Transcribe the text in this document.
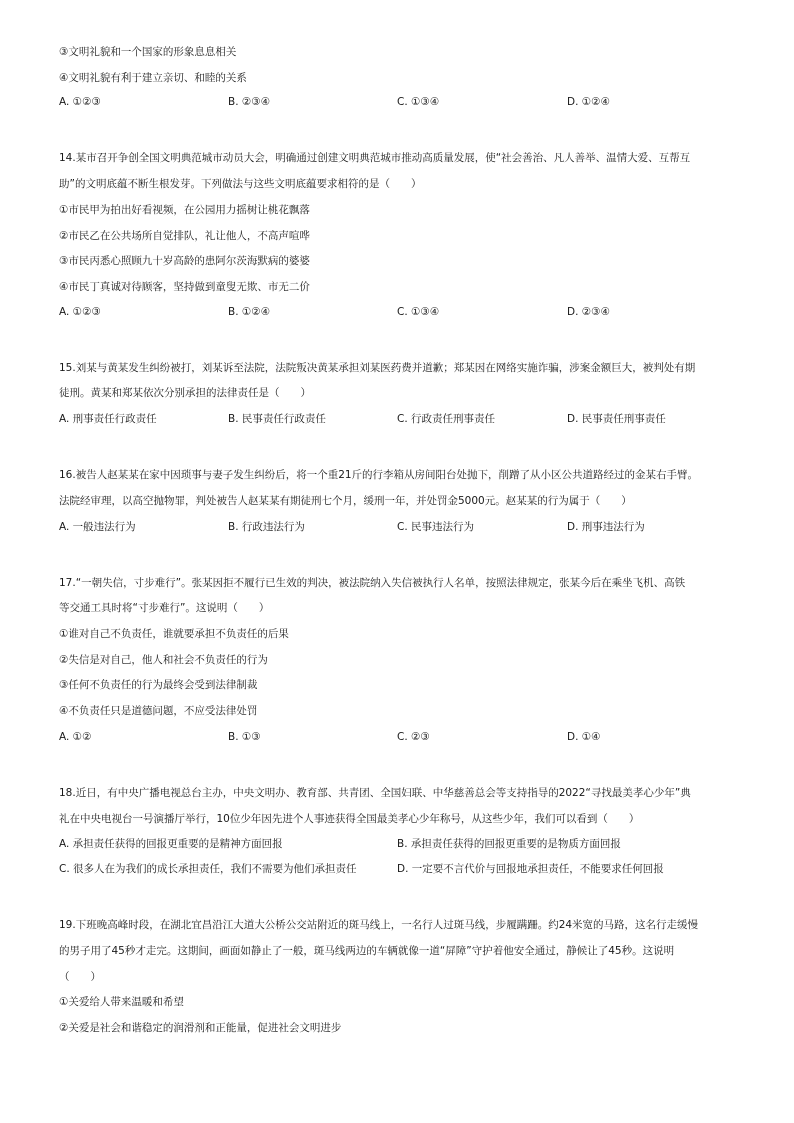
③文明礼貌和一个国家的形象息息相关
④文明礼貌有利于建立亲切、和睦的关系
A. ①②③	B. ②③④	C. ①③④	D. ①②④
14.某市召开争创全国文明典范城市动员大会，明确通过创建文明典范城市推动高质量发展，使“社会善治、凡人善举、温情大爱、互帮互
助”的文明底蕴不断生根发芽。下列做法与这些文明底蕴要求相符的是（　　）
①市民甲为拍出好看视频，在公园用力摇树让桃花飘落
②市民乙在公共场所自觉排队，礼让他人，不高声喧哗
③市民丙悉心照顾九十岁高龄的患阿尔茨海默病的婆婆
④市民丁真诚对待顾客，坚持做到童叟无欺、市无二价
A. ①②③	B. ①②④	C. ①③④	D. ②③④
15.刘某与黄某发生纠纷被打，刘某诉至法院，法院叛决黄某承担刘某医药费并道歉；郑某因在网络实施诈骗，涉案金额巨大，被判处有期
徒刑。黄某和郑某依次分别承担的法律责任是（　　）
A. 刑事责任行政责任	B. 民事责任行政责任	C. 行政责任刑事责任	D. 民事责任刑事责任
16.被告人赵某某在家中因琐事与妻子发生纠纷后，将一个重21斤的行李箱从房间阳台处抛下，削蹭了从小区公共道路经过的金某右手臂。
法院经审理，以高空抛物罪，判处被告人赵某某有期徒刑七个月，缓刑一年，并处罚金5000元。赵某某的行为属于（　　）
A. 一般违法行为	B. 行政违法行为	C. 民事违法行为	D. 刑事违法行为
17.“一朝失信，寸步难行”。张某因拒不履行已生效的判决，被法院纳入失信被执行人名单，按照法律规定，张某今后在乘坐飞机、高铁
等交通工具时将“寸步难行”。这说明（　　）
①谁对自己不负责任，谁就要承担不负责任的后果
②失信是对自己，他人和社会不负责任的行为
③任何不负责任的行为最终会受到法律制裁
④不负责任只是道德问题，不应受法律处罚
A. ①②	B. ①③	C. ②③	D. ①④
18.近日，有中央广播电视总台主办，中央文明办、教育部、共青团、全国妇联、中华慈善总会等支持指导的2022“寻找最美孝心少年”典
礼在中央电视台一号演播厅举行，10位少年因先进个人事迹获得全国最美孝心少年称号，从这些少年，我们可以看到（　　）
A. 承担责任获得的回报更重要的是精神方面回报	B. 承担责任获得的回报更重要的是物质方面回报
C. 很多人在为我们的成长承担责任，我们不需要为他们承担责任	D. 一定要不言代价与回报地承担责任，不能要求任何回报
19.下班晚高峰时段，在湖北宜昌沿江大道大公桥公交站附近的斑马线上，一名行人过斑马线，步履蹒跚。约24米宽的马路，这名行走缓慢
的男子用了45秒才走完。这期间，画面如静止了一般，斑马线两边的车辆就像一道“屏障”守护着他安全通过，静候让了45秒。这说明
（　　）
①关爱给人带来温暖和希望
②关爱是社会和谐稳定的润滑剂和正能量，促进社会文明进步
